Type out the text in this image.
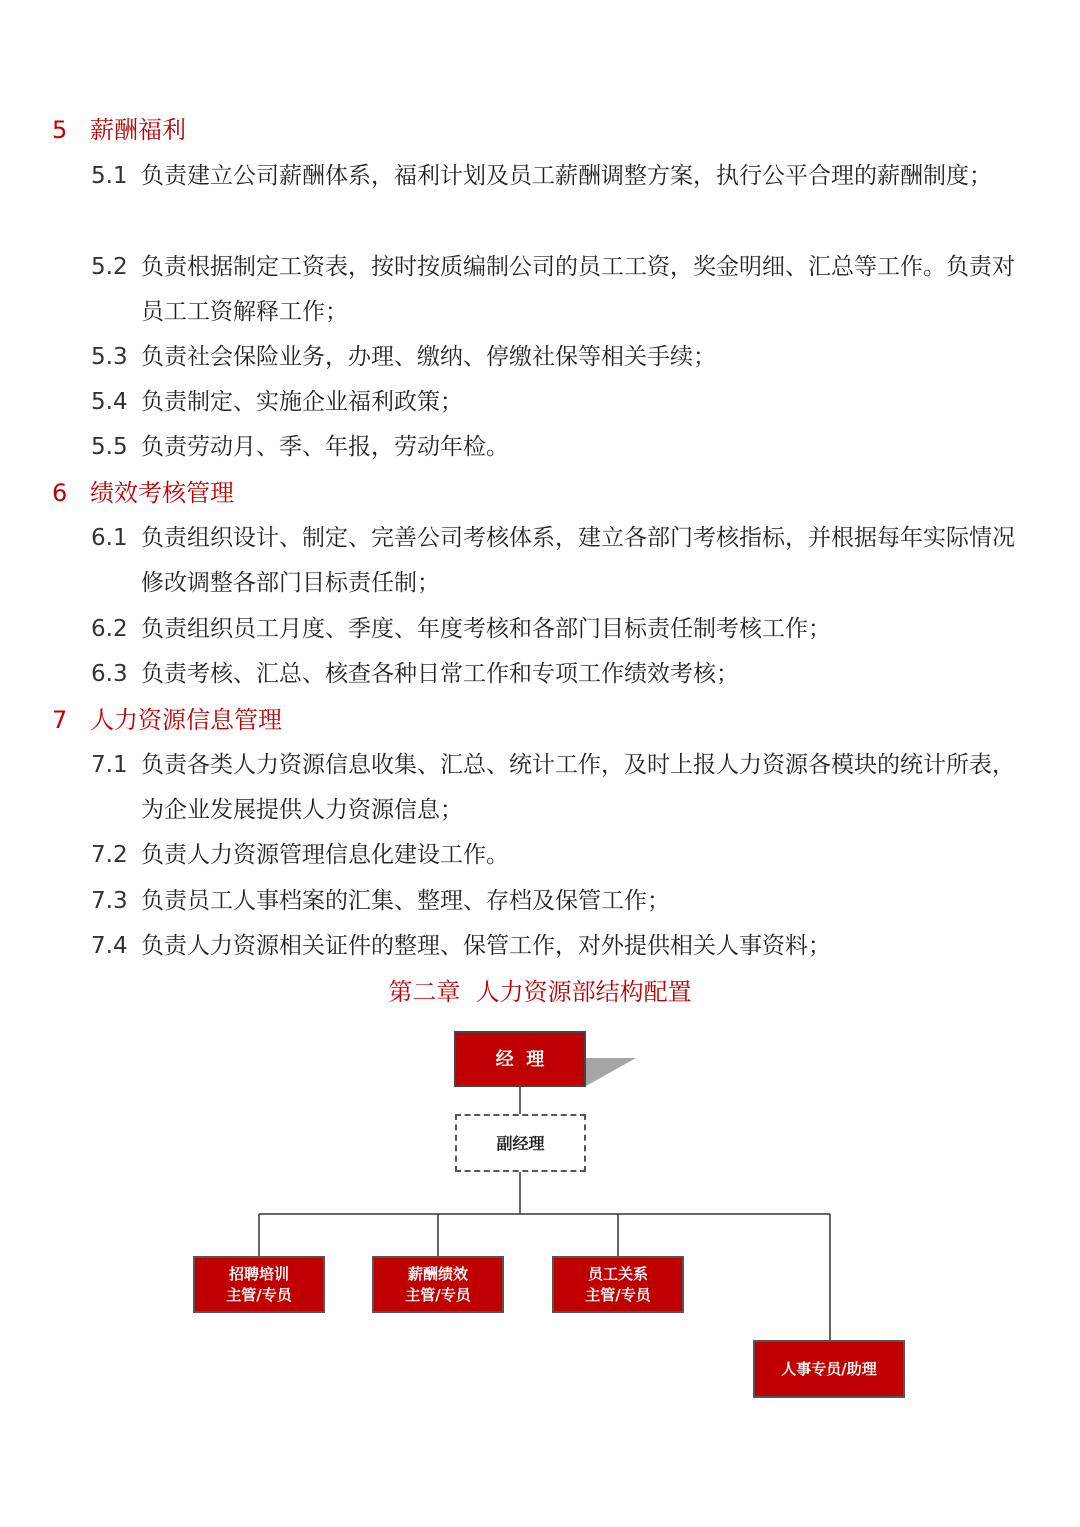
5 薪酬福利
5.1 负责建立公司薪酬体系，福利计划及员工薪酬调整方案，执行公平合理的薪酬制度；
5.2 负责根据制定工资表，按时按质编制公司的员工工资，奖金明细、汇总等工作。负责对员工工资解释工作；
5.3 负责社会保险业务，办理、缴纳、停缴社保等相关手续；
5.4 负责制定、实施企业福利政策；
5.5 负责劳动月、季、年报，劳动年检。
6 绩效考核管理
6.1 负责组织设计、制定、完善公司考核体系，建立各部门考核指标，并根据每年实际情况修改调整各部门目标责任制；
6.2 负责组织员工月度、季度、年度考核和各部门目标责任制考核工作；
6.3 负责考核、汇总、核查各种日常工作和专项工作绩效考核；
7 人力资源信息管理
7.1 负责各类人力资源信息收集、汇总、统计工作，及时上报人力资源各模块的统计所表，为企业发展提供人力资源信息；
7.2 负责人力资源管理信息化建设工作。
7.3 负责员工人事档案的汇集、整理、存档及保管工作；
7.4 负责人力资源相关证件的整理、保管工作，对外提供相关人事资料；
第二章  人力资源部结构配置
经  理
副经理
招聘培训
主管/专员
薪酬绩效
主管/专员
员工关系
主管/专员
人事专员/助理
